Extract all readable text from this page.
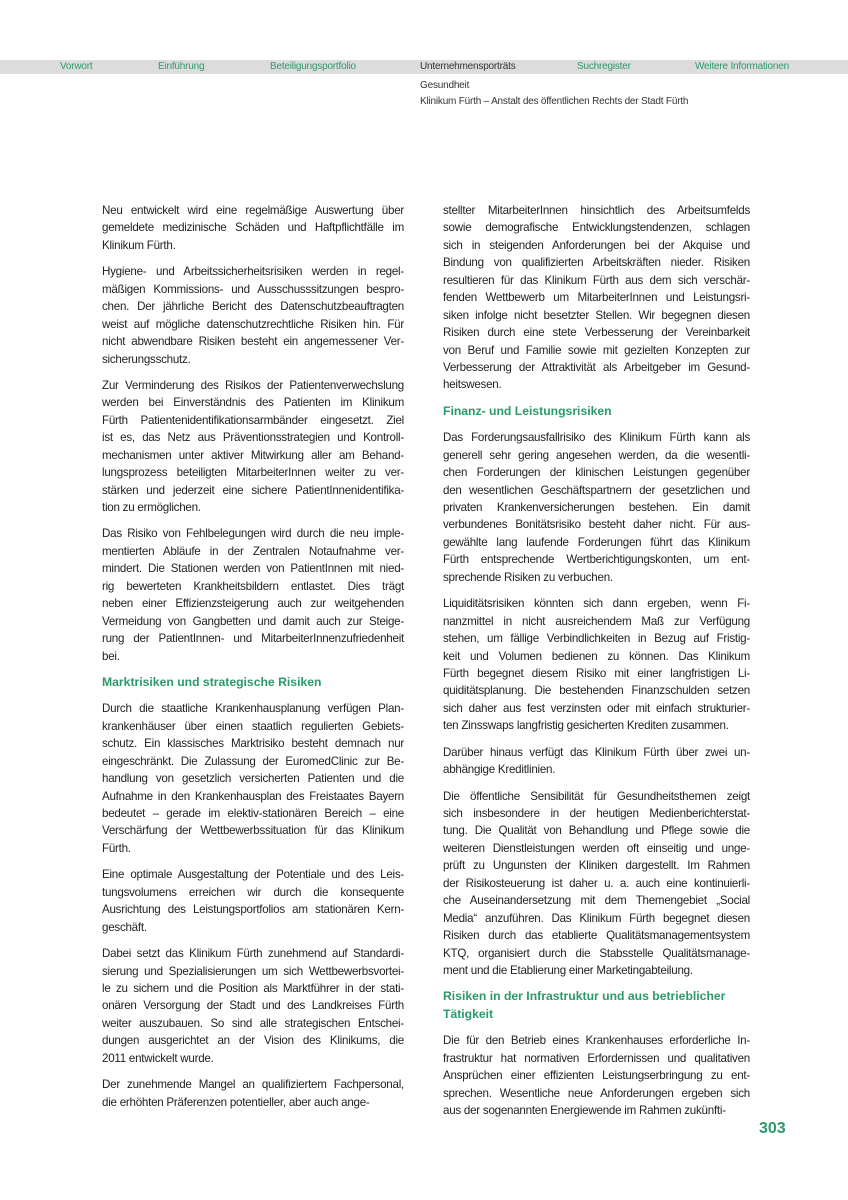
Vorwort	Einführung	Beteiligungsportfolio	Unternehmensporträts	Suchregister	Weitere Informationen
Gesundheit
Klinikum Fürth – Anstalt des öffentlichen Rechts der Stadt Fürth
Neu entwickelt wird eine regelmäßige Auswertung über
gemeldete medizinische Schäden und Haftpflichtfälle im
Klinikum Fürth.
Hygiene- und Arbeitssicherheitsrisiken werden in regel-
mäßigen Kommissions- und Ausschusssitzungen bespro-
chen. Der jährliche Bericht des Datenschutzbeauftragten
weist auf mögliche datenschutzrechtliche Risiken hin. Für
nicht abwendbare Risiken besteht ein angemessener Ver-
sicherungsschutz.
Zur Verminderung des Risikos der Patientenverwechslung
werden bei Einverständnis des Patienten im Klinikum
Fürth Patientenidentifikationsarmbänder eingesetzt. Ziel
ist es, das Netz aus Präventionsstrategien und Kontroll-
mechanismen unter aktiver Mitwirkung aller am Behand-
lungsprozess beteiligten MitarbeiterInnen weiter zu ver-
stärken und jederzeit eine sichere PatientInnenidentifika-
tion zu ermöglichen.
Das Risiko von Fehlbelegungen wird durch die neu imple-
mentierten Abläufe in der Zentralen Notaufnahme ver-
mindert. Die Stationen werden von PatientInnen mit nied-
rig bewerteten Krankheitsbildern entlastet. Dies trägt
neben einer Effizienzsteigerung auch zur weitgehenden
Vermeidung von Gangbetten und damit auch zur Steige-
rung der PatientInnen- und MitarbeiterInnenzufriedenheit
bei.
Marktrisiken und strategische Risiken
Durch die staatliche Krankenhausplanung verfügen Plan-
krankenhäuser über einen staatlich regulierten Gebiets-
schutz. Ein klassisches Marktrisiko besteht demnach nur
eingeschränkt. Die Zulassung der EuromedClinic zur Be-
handlung von gesetzlich versicherten Patienten und die
Aufnahme in den Krankenhausplan des Freistaates Bayern
bedeutet – gerade im elektiv-stationären Bereich – eine
Verschärfung der Wettbewerbssituation für das Klinikum
Fürth.
Eine optimale Ausgestaltung der Potentiale und des Leis-
tungsvolumens erreichen wir durch die konsequente
Ausrichtung des Leistungsportfolios am stationären Kern-
geschäft.
Dabei setzt das Klinikum Fürth zunehmend auf Standardi-
sierung und Spezialisierungen um sich Wettbewerbsvortei-
le zu sichern und die Position als Marktführer in der stati-
onären Versorgung der Stadt und des Landkreises Fürth
weiter auszubauen. So sind alle strategischen Entschei-
dungen ausgerichtet an der Vision des Klinikums, die
2011 entwickelt wurde.
Der zunehmende Mangel an qualifiziertem Fachpersonal,
die erhöhten Präferenzen potentieller, aber auch ange-
stellter MitarbeiterInnen hinsichtlich des Arbeitsumfelds
sowie demografische Entwicklungstendenzen, schlagen
sich in steigenden Anforderungen bei der Akquise und
Bindung von qualifizierten Arbeitskräften nieder. Risiken
resultieren für das Klinikum Fürth aus dem sich verschär-
fenden Wettbewerb um MitarbeiterInnen und Leistungsri-
siken infolge nicht besetzter Stellen. Wir begegnen diesen
Risiken durch eine stete Verbesserung der Vereinbarkeit
von Beruf und Familie sowie mit gezielten Konzepten zur
Verbesserung der Attraktivität als Arbeitgeber im Gesund-
heitswesen.
Finanz- und Leistungsrisiken
Das Forderungsausfallrisiko des Klinikum Fürth kann als
generell sehr gering angesehen werden, da die wesentli-
chen Forderungen der klinischen Leistungen gegenüber
den wesentlichen Geschäftspartnern der gesetzlichen und
privaten Krankenversicherungen bestehen. Ein damit
verbundenes Bonitätsrisiko besteht daher nicht. Für aus-
gewählte lang laufende Forderungen führt das Klinikum
Fürth entsprechende Wertberichtigungskonten, um ent-
sprechende Risiken zu verbuchen.
Liquiditätsrisiken könnten sich dann ergeben, wenn Fi-
nanzmittel in nicht ausreichendem Maß zur Verfügung
stehen, um fällige Verbindlichkeiten in Bezug auf Fristig-
keit und Volumen bedienen zu können. Das Klinikum
Fürth begegnet diesem Risiko mit einer langfristigen Li-
quiditätsplanung. Die bestehenden Finanzschulden setzen
sich daher aus fest verzinsten oder mit einfach strukturier-
ten Zinsswaps langfristig gesicherten Krediten zusammen.
Darüber hinaus verfügt das Klinikum Fürth über zwei un-
abhängige Kreditlinien.
Die öffentliche Sensibilität für Gesundheitsthemen zeigt
sich insbesondere in der heutigen Medienberichterstat-
tung. Die Qualität von Behandlung und Pflege sowie die
weiteren Dienstleistungen werden oft einseitig und unge-
prüft zu Ungunsten der Kliniken dargestellt. Im Rahmen
der Risikosteuerung ist daher u. a. auch eine kontinuierli-
che Auseinandersetzung mit dem Themengebiet „Social
Media“ anzuführen. Das Klinikum Fürth begegnet diesen
Risiken durch das etablierte Qualitätsmanagementsystem
KTQ, organisiert durch die Stabsstelle Qualitätsmanage-
ment und die Etablierung einer Marketingabteilung.
Risiken in der Infrastruktur und aus betrieblicher
Tätigkeit
Die für den Betrieb eines Krankenhauses erforderliche In-
frastruktur hat normativen Erfordernissen und qualitativen
Ansprüchen einer effizienten Leistungserbringung zu ent-
sprechen. Wesentliche neue Anforderungen ergeben sich
aus der sogenannten Energiewende im Rahmen zukünfti-
303
